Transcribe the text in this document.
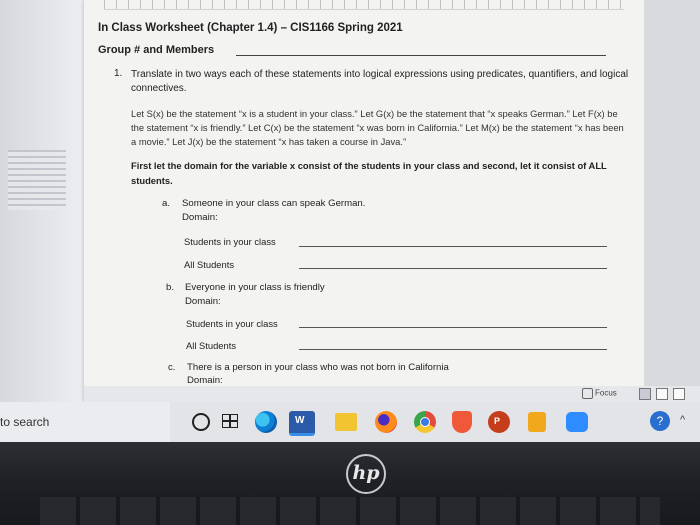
In Class Worksheet (Chapter 1.4) – CIS1166 Spring 2021
Group # and Members
1. Translate in two ways each of these statements into logical expressions using predicates, quantifiers, and logical connectives.
Let S(x) be the statement “x is a student in your class.” Let G(x) be the statement that “x speaks German.” Let F(x) be the statement “x is friendly.” Let C(x) be the statement “x was born in California.” Let M(x) be the statement “x has been a movie.” Let J(x) be the statement “x has taken a course in Java.”
First let the domain for the variable x consist of the students in your class and second, let it consist of ALL students.
a. Someone in your class can speak German.
Domain:
Students in your class
All Students
b. Everyone in your class is friendly
Domain:
Students in your class
All Students
c. There is a person in your class who was not born in California
Domain:
Focus
to search	W	P	?	^
hp
